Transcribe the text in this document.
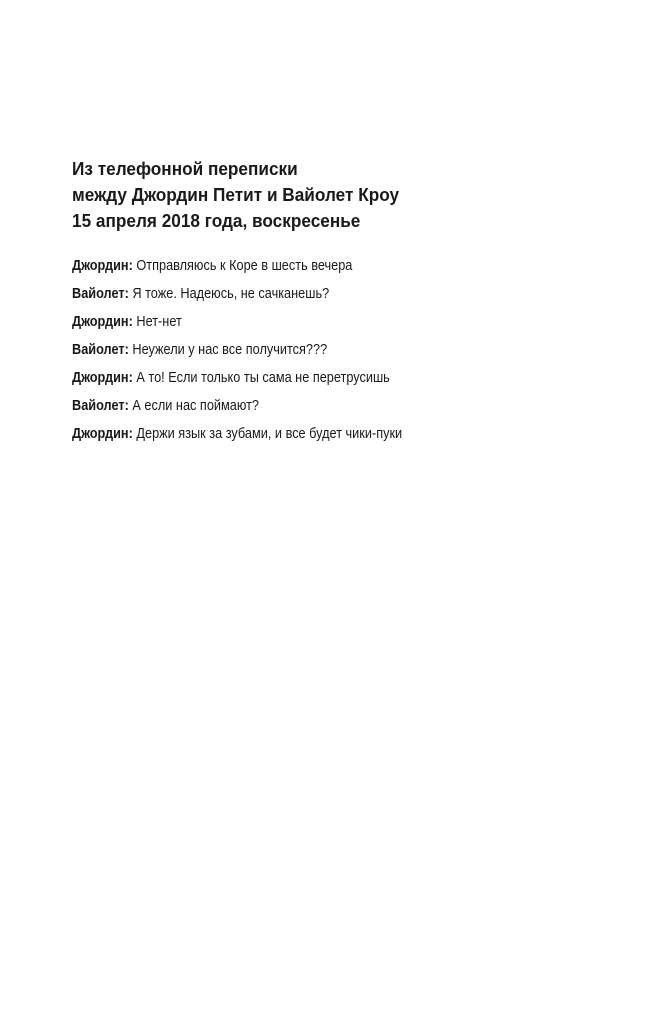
Из телефонной переписки
между Джордин Петит и Вайолет Кроу
15 апреля 2018 года, воскресенье
Джордин: Отправляюсь к Коре в шесть вечера
Вайолет: Я тоже. Надеюсь, не сачканешь?
Джордин: Нет-нет
Вайолет: Неужели у нас все получится???
Джордин: А то! Если только ты сама не перетрусишь
Вайолет: А если нас поймают?
Джордин: Держи язык за зубами, и все будет чики-пуки
